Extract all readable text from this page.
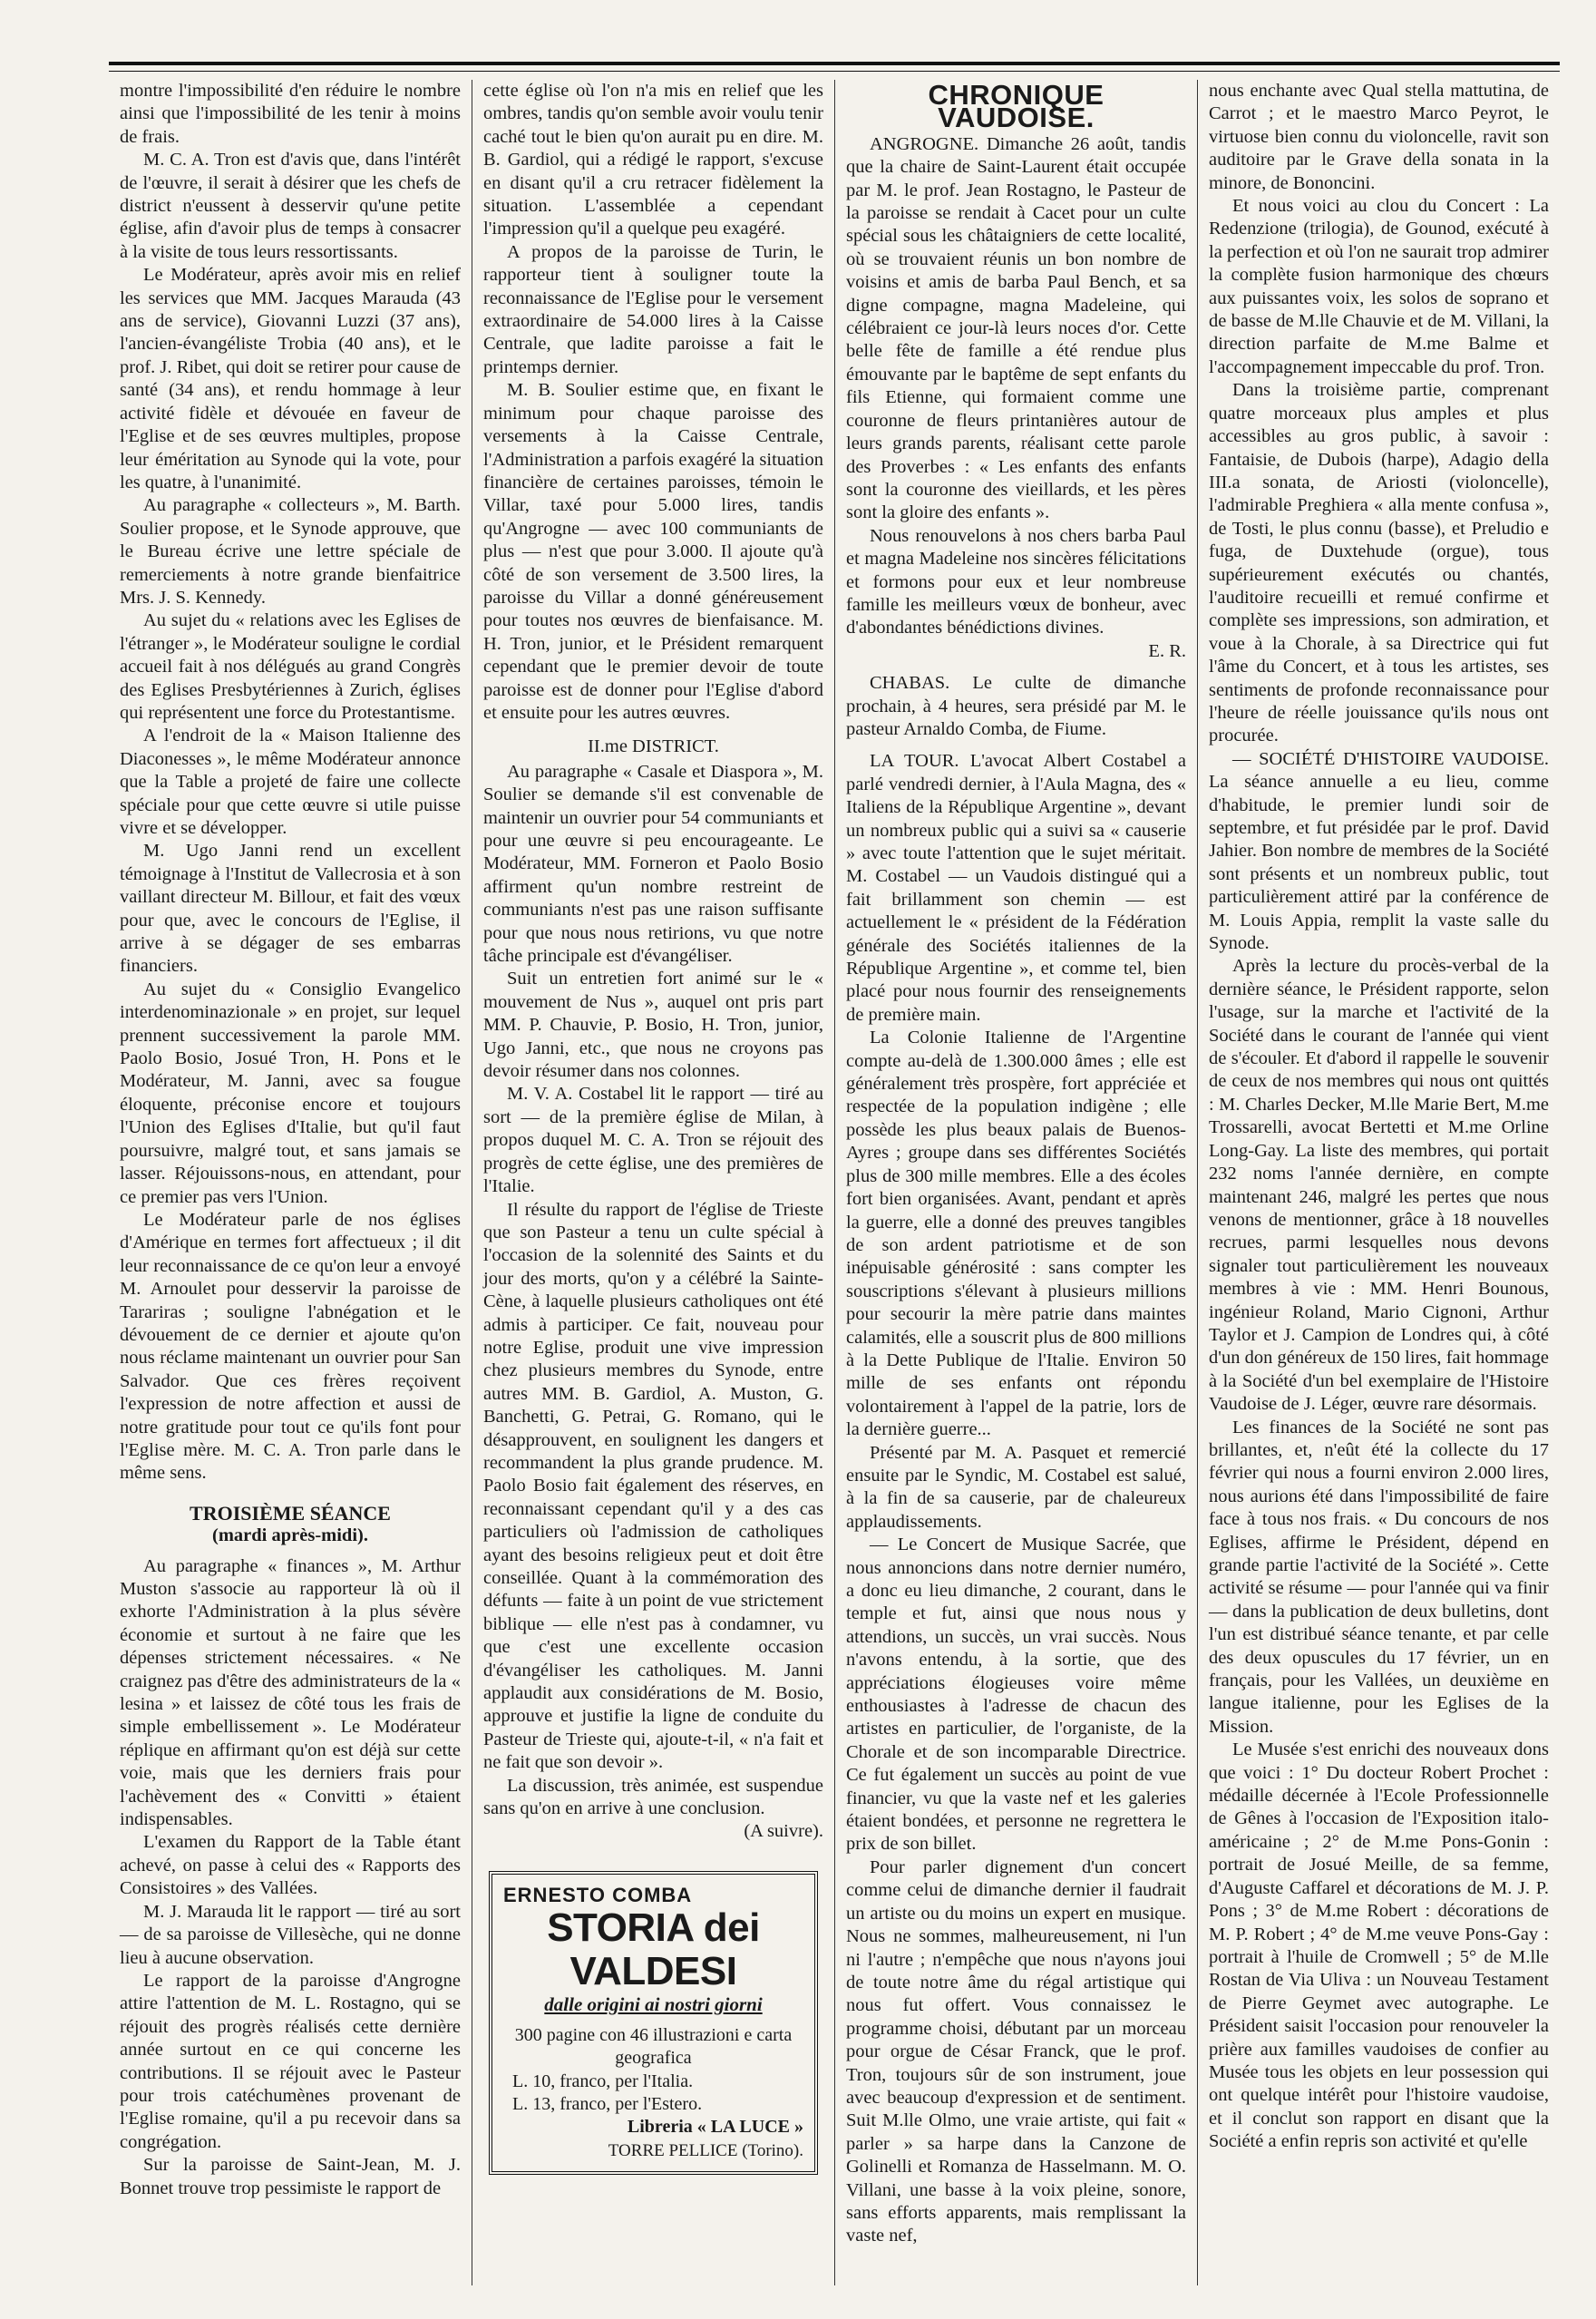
montre l'impossibilité d'en réduire le nombre ainsi que l'impossibilité de les tenir à moins de frais.

M. C. A. Tron est d'avis que, dans l'intérêt de l'œuvre, il serait à désirer que les chefs de district n'eussent à desservir qu'une petite église, afin d'avoir plus de temps à consacrer à la visite de tous leurs ressortissants.

Le Modérateur, après avoir mis en relief les services que MM. Jacques Marauda (43 ans de service), Giovanni Luzzi (37 ans), l'ancien-évangéliste Trobia (40 ans), et le prof. J. Ribet, qui doit se retirer pour cause de santé (34 ans), et rendu hommage à leur activité fidèle et dévouée en faveur de l'Eglise et de ses œuvres multiples, propose leur éméritation au Synode qui la vote, pour les quatre, à l'unanimité.

Au paragraphe « collecteurs », M. Barth. Soulier propose, et le Synode approuve, que le Bureau écrive une lettre spéciale de remerciements à notre grande bienfaitrice Mrs. J. S. Kennedy.

Au sujet du « relations avec les Eglises de l'étranger », le Modérateur souligne le cordial accueil fait à nos délégués au grand Congrès des Eglises Presbytériennes à Zurich, églises qui représentent une force du Protestantisme.

A l'endroit de la « Maison Italienne des Diaconesses », le même Modérateur annonce que la Table a projeté de faire une collecte spéciale pour que cette œuvre si utile puisse vivre et se développer.

M. Ugo Janni rend un excellent témoignage à l'Institut de Vallecrosia et à son vaillant directeur M. Billour, et fait des vœux pour que, avec le concours de l'Eglise, il arrive à se dégager de ses embarras financiers.

Au sujet du « Consiglio Evangelico interdenominazionale » en projet, sur lequel prennent successivement la parole MM. Paolo Bosio, Josué Tron, H. Pons et le Modérateur, M. Janni, avec sa fougue éloquente, préconise encore et toujours l'Union des Eglises d'Italie, but qu'il faut poursuivre, malgré tout, et sans jamais se lasser. Réjouissons-nous, en attendant, pour ce premier pas vers l'Union.

Le Modérateur parle de nos églises d'Amérique en termes fort affectueux ; il dit leur reconnaissance de ce qu'on leur a envoyé M. Arnoulet pour desservir la paroisse de Tarariras ; souligne l'abnégation et le dévouement de ce dernier et ajoute qu'on nous réclame maintenant un ouvrier pour San Salvador. Que ces frères reçoivent l'expression de notre affection et aussi de notre gratitude pour tout ce qu'ils font pour l'Eglise mère. M. C. A. Tron parle dans le même sens.

TROISIÈME SÉANCE
(mardi après-midi).

Au paragraphe « finances », M. Arthur Muston s'associe au rapporteur là où il exhorte l'Administration à la plus sévère économie et surtout à ne faire que les dépenses strictement nécessaires. « Ne craignez pas d'être des administrateurs de la « lesina » et laissez de côté tous les frais de simple embellissement ». Le Modérateur réplique en affirmant qu'on est déjà sur cette voie, mais que les derniers frais pour l'achèvement des « Convitti » étaient indispensables.

L'examen du Rapport de la Table étant achevé, on passe à celui des « Rapports des Consistoires » des Vallées.

M. J. Marauda lit le rapport — tiré au sort — de sa paroisse de Villesèche, qui ne donne lieu à aucune observation.

Le rapport de la paroisse d'Angrogne attire l'attention de M. L. Rostagno, qui se réjouit des progrès réalisés cette dernière année surtout en ce qui concerne les contributions. Il se réjouit avec le Pasteur pour trois catéchumènes provenant de l'Eglise romaine, qu'il a pu recevoir dans sa congrégation.

Sur la paroisse de Saint-Jean, M. J. Bonnet trouve trop pessimiste le rapport de

cette église où l'on n'a mis en relief que les ombres, tandis qu'on semble avoir voulu tenir caché tout le bien qu'on aurait pu en dire. M. B. Gardiol, qui a rédigé le rapport, s'excuse en disant qu'il a cru retracer fidèlement la situation. L'assemblée a cependant l'impression qu'il a quelque peu exagéré.

A propos de la paroisse de Turin, le rapporteur tient à souligner toute la reconnaissance de l'Eglise pour le versement extraordinaire de 54.000 lires à la Caisse Centrale, que ladite paroisse a fait le printemps dernier.

M. B. Soulier estime que, en fixant le minimum pour chaque paroisse des versements à la Caisse Centrale, l'Administration a parfois exagéré la situation financière de certaines paroisses, témoin le Villar, taxé pour 5.000 lires, tandis qu'Angrogne — avec 100 communiants de plus — n'est que pour 3.000. Il ajoute qu'à côté de son versement de 3.500 lires, la paroisse du Villar a donné généreusement pour toutes nos œuvres de bienfaisance. M. H. Tron, junior, et le Président remarquent cependant que le premier devoir de toute paroisse est de donner pour l'Eglise d'abord et ensuite pour les autres œuvres.

II.me DISTRICT.

Au paragraphe « Casale et Diaspora », M. Soulier se demande s'il est convenable de maintenir un ouvrier pour 54 communiants et pour une œuvre si peu encourageante. Le Modérateur, MM. Forneron et Paolo Bosio affirment qu'un nombre restreint de communiants n'est pas une raison suffisante pour que nous nous retirions, vu que notre tâche principale est d'évangéliser.

Suit un entretien fort animé sur le « mouvement de Nus », auquel ont pris part MM. P. Chauvie, P. Bosio, H. Tron, junior, Ugo Janni, etc., que nous ne croyons pas devoir résumer dans nos colonnes.

M. V. A. Costabel lit le rapport — tiré au sort — de la première église de Milan, à propos duquel M. C. A. Tron se réjouit des progrès de cette église, une des premières de l'Italie.

Il résulte du rapport de l'église de Trieste que son Pasteur a tenu un culte spécial à l'occasion de la solennité des Saints et du jour des morts, qu'on y a célébré la Sainte-Cène, à laquelle plusieurs catholiques ont été admis à participer. Ce fait, nouveau pour notre Eglise, produit une vive impression chez plusieurs membres du Synode, entre autres MM. B. Gardiol, A. Muston, G. Banchetti, G. Petrai, G. Romano, qui le désapprouvent, en soulignent les dangers et recommandent la plus grande prudence. M. Paolo Bosio fait également des réserves, en reconnaissant cependant qu'il y a des cas particuliers où l'admission de catholiques ayant des besoins religieux peut et doit être conseillée. Quant à la commémoration des défunts — faite à un point de vue strictement biblique — elle n'est pas à condamner, vu que c'est une excellente occasion d'évangéliser les catholiques. M. Janni applaudit aux considérations de M. Bosio, approuve et justifie la ligne de conduite du Pasteur de Trieste qui, ajoute-t-il, « n'a fait et ne fait que son devoir ».

La discussion, très animée, est suspendue sans qu'on en arrive à une conclusion.

(A suivre).

ERNESTO COMBA
STORIA dei VALDESI
dalle origini ai nostri giorni
300 pagine con 46 illustrazioni e carta geografica
L. 10, franco, per l'Italia.
L. 13, franco, per l'Estero.
Libreria « LA LUCE »
TORRE PELLICE (Torino).
CHRONIQUE VAUDOISE.

ANGROGNE. Dimanche 26 août, tandis que la chaire de Saint-Laurent était occupée par M. le prof. Jean Rostagno, le Pasteur de la paroisse se rendait à Cacet pour un culte spécial sous les châtaigniers de cette localité, où se trouvaient réunis un bon nombre de voisins et amis de barba Paul Bench, et sa digne compagne, magna Madeleine, qui célébraient ce jour-là leurs noces d'or. Cette belle fête de famille a été rendue plus émouvante par le baptême de sept enfants du fils Etienne, qui formaient comme une couronne de fleurs printanières autour de leurs grands parents, réalisant cette parole des Proverbes : « Les enfants des enfants sont la couronne des vieillards, et les pères sont la gloire des enfants ».

Nous renouvelons à nos chers barba Paul et magna Madeleine nos sincères félicitations et formons pour eux et leur nombreuse famille les meilleurs vœux de bonheur, avec d'abondantes bénédictions divines.

E. R.

CHABAS. Le culte de dimanche prochain, à 4 heures, sera présidé par M. le pasteur Arnaldo Comba, de Fiume.

LA TOUR. L'avocat Albert Costabel a parlé vendredi dernier, à l'Aula Magna, des « Italiens de la République Argentine », devant un nombreux public qui a suivi sa « causerie » avec toute l'attention que le sujet méritait. M. Costabel — un Vaudois distingué qui a fait brillamment son chemin — est actuellement le « président de la Fédération générale des Sociétés italiennes de la République Argentine », et comme tel, bien placé pour nous fournir des renseignements de première main.

La Colonie Italienne de l'Argentine compte au-delà de 1.300.000 âmes ; elle est généralement très prospère, fort appréciée et respectée de la population indigène ; elle possède les plus beaux palais de Buenos-Ayres ; groupe dans ses différentes Sociétés plus de 300 mille membres. Elle a des écoles fort bien organisées. Avant, pendant et après la guerre, elle a donné des preuves tangibles de son ardent patriotisme et de son inépuisable générosité : sans compter les souscriptions s'élevant à plusieurs millions pour secourir la mère patrie dans maintes calamités, elle a souscrit plus de 800 millions à la Dette Publique de l'Italie. Environ 50 mille de ses enfants ont répondu volontairement à l'appel de la patrie, lors de la dernière guerre...

Présenté par M. A. Pasquet et remercié ensuite par le Syndic, M. Costabel est salué, à la fin de sa causerie, par de chaleureux applaudissements.

— Le Concert de Musique Sacrée, que nous annoncions dans notre dernier numéro, a donc eu lieu dimanche, 2 courant, dans le temple et fut, ainsi que nous nous y attendions, un succès, un vrai succès. Nous n'avons entendu, à la sortie, que des appréciations élogieuses voire même enthousiastes à l'adresse de chacun des artistes en particulier, de l'organiste, de la Chorale et de son incomparable Directrice. Ce fut également un succès au point de vue financier, vu que la vaste nef et les galeries étaient bondées, et personne ne regrettera le prix de son billet.

Pour parler dignement d'un concert comme celui de dimanche dernier il faudrait un artiste ou du moins un expert en musique. Nous ne sommes, malheureusement, ni l'un ni l'autre ; n'empêche que nous n'ayons joui de toute notre âme du régal artistique qui nous fut offert. Vous connaissez le programme choisi, débutant par un morceau pour orgue de César Franck, que le prof. Tron, toujours sûr de son instrument, joue avec beaucoup d'expression et de sentiment. Suit M.lle Olmo, une vraie artiste, qui fait « parler » sa harpe dans la Canzone de Golinelli et Romanza de Hasselmann. M. O. Villani, une basse à la voix pleine, sonore, sans efforts apparents, mais remplissant la vaste nef,

nous enchante avec Qual stella mattutina, de Carrot ; et le maestro Marco Peyrot, le virtuose bien connu du violoncelle, ravit son auditoire par le Grave della sonata in la minore, de Bononcini.

Et nous voici au clou du Concert : La Redenzione (trilogia), de Gounod, exécuté à la perfection et où l'on ne saurait trop admirer la complète fusion harmonique des chœurs aux puissantes voix, les solos de soprano et de basse de M.lle Chauvie et de M. Villani, la direction parfaite de M.me Balme et l'accompagnement impeccable du prof. Tron.

Dans la troisième partie, comprenant quatre morceaux plus amples et plus accessibles au gros public, à savoir : Fantaisie, de Dubois (harpe), Adagio della III.a sonata, de Ariosti (violoncelle), l'admirable Preghiera « alla mente confusa », de Tosti, le plus connu (basse), et Preludio e fuga, de Duxtehude (orgue), tous supérieurement exécutés ou chantés, l'auditoire recueilli et remué confirme et complète ses impressions, son admiration, et voue à la Chorale, à sa Directrice qui fut l'âme du Concert, et à tous les artistes, ses sentiments de profonde reconnaissance pour l'heure de réelle jouissance qu'ils nous ont procurée.

— SOCIÉTÉ D'HISTOIRE VAUDOISE. La séance annuelle a eu lieu, comme d'habitude, le premier lundi soir de septembre, et fut présidée par le prof. David Jahier. Bon nombre de membres de la Société sont présents et un nombreux public, tout particulièrement attiré par la conférence de M. Louis Appia, remplit la vaste salle du Synode.

Après la lecture du procès-verbal de la dernière séance, le Président rapporte, selon l'usage, sur la marche et l'activité de la Société dans le courant de l'année qui vient de s'écouler. Et d'abord il rappelle le souvenir de ceux de nos membres qui nous ont quittés : M. Charles Decker, M.lle Marie Bert, M.me Trossarelli, avocat Bertetti et M.me Orline Long-Gay. La liste des membres, qui portait 232 noms l'année dernière, en compte maintenant 246, malgré les pertes que nous venons de mentionner, grâce à 18 nouvelles recrues, parmi lesquelles nous devons signaler tout particulièrement les nouveaux membres à vie : MM. Henri Bounous, ingénieur Roland, Mario Cignoni, Arthur Taylor et J. Campion de Londres qui, à côté d'un don généreux de 150 lires, fait hommage à la Société d'un bel exemplaire de l'Histoire Vaudoise de J. Léger, œuvre rare désormais.

Les finances de la Société ne sont pas brillantes, et, n'eût été la collecte du 17 février qui nous a fourni environ 2.000 lires, nous aurions été dans l'impossibilité de faire face à tous nos frais. « Du concours de nos Eglises, affirme le Président, dépend en grande partie l'activité de la Société ». Cette activité se résume — pour l'année qui va finir — dans la publication de deux bulletins, dont l'un est distribué séance tenante, et par celle des deux opuscules du 17 février, un en français, pour les Vallées, un deuxième en langue italienne, pour les Eglises de la Mission.

Le Musée s'est enrichi des nouveaux dons que voici : 1° Du docteur Robert Prochet : médaille décernée à l'Ecole Professionnelle de Gênes à l'occasion de l'Exposition italo-américaine ; 2° de M.me Pons-Gonin : portrait de Josué Meille, de sa femme, d'Auguste Caffarel et décorations de M. J. P. Pons ; 3° de M.me Robert : décorations de M. P. Robert ; 4° de M.me veuve Pons-Gay : portrait à l'huile de Cromwell ; 5° de M.lle Rostan de Via Uliva : un Nouveau Testament de Pierre Geymet avec autographe. Le Président saisit l'occasion pour renouveler la prière aux familles vaudoises de confier au Musée tous les objets en leur possession qui ont quelque intérêt pour l'histoire vaudoise, et il conclut son rapport en disant que la Société a enfin repris son activité et qu'elle
